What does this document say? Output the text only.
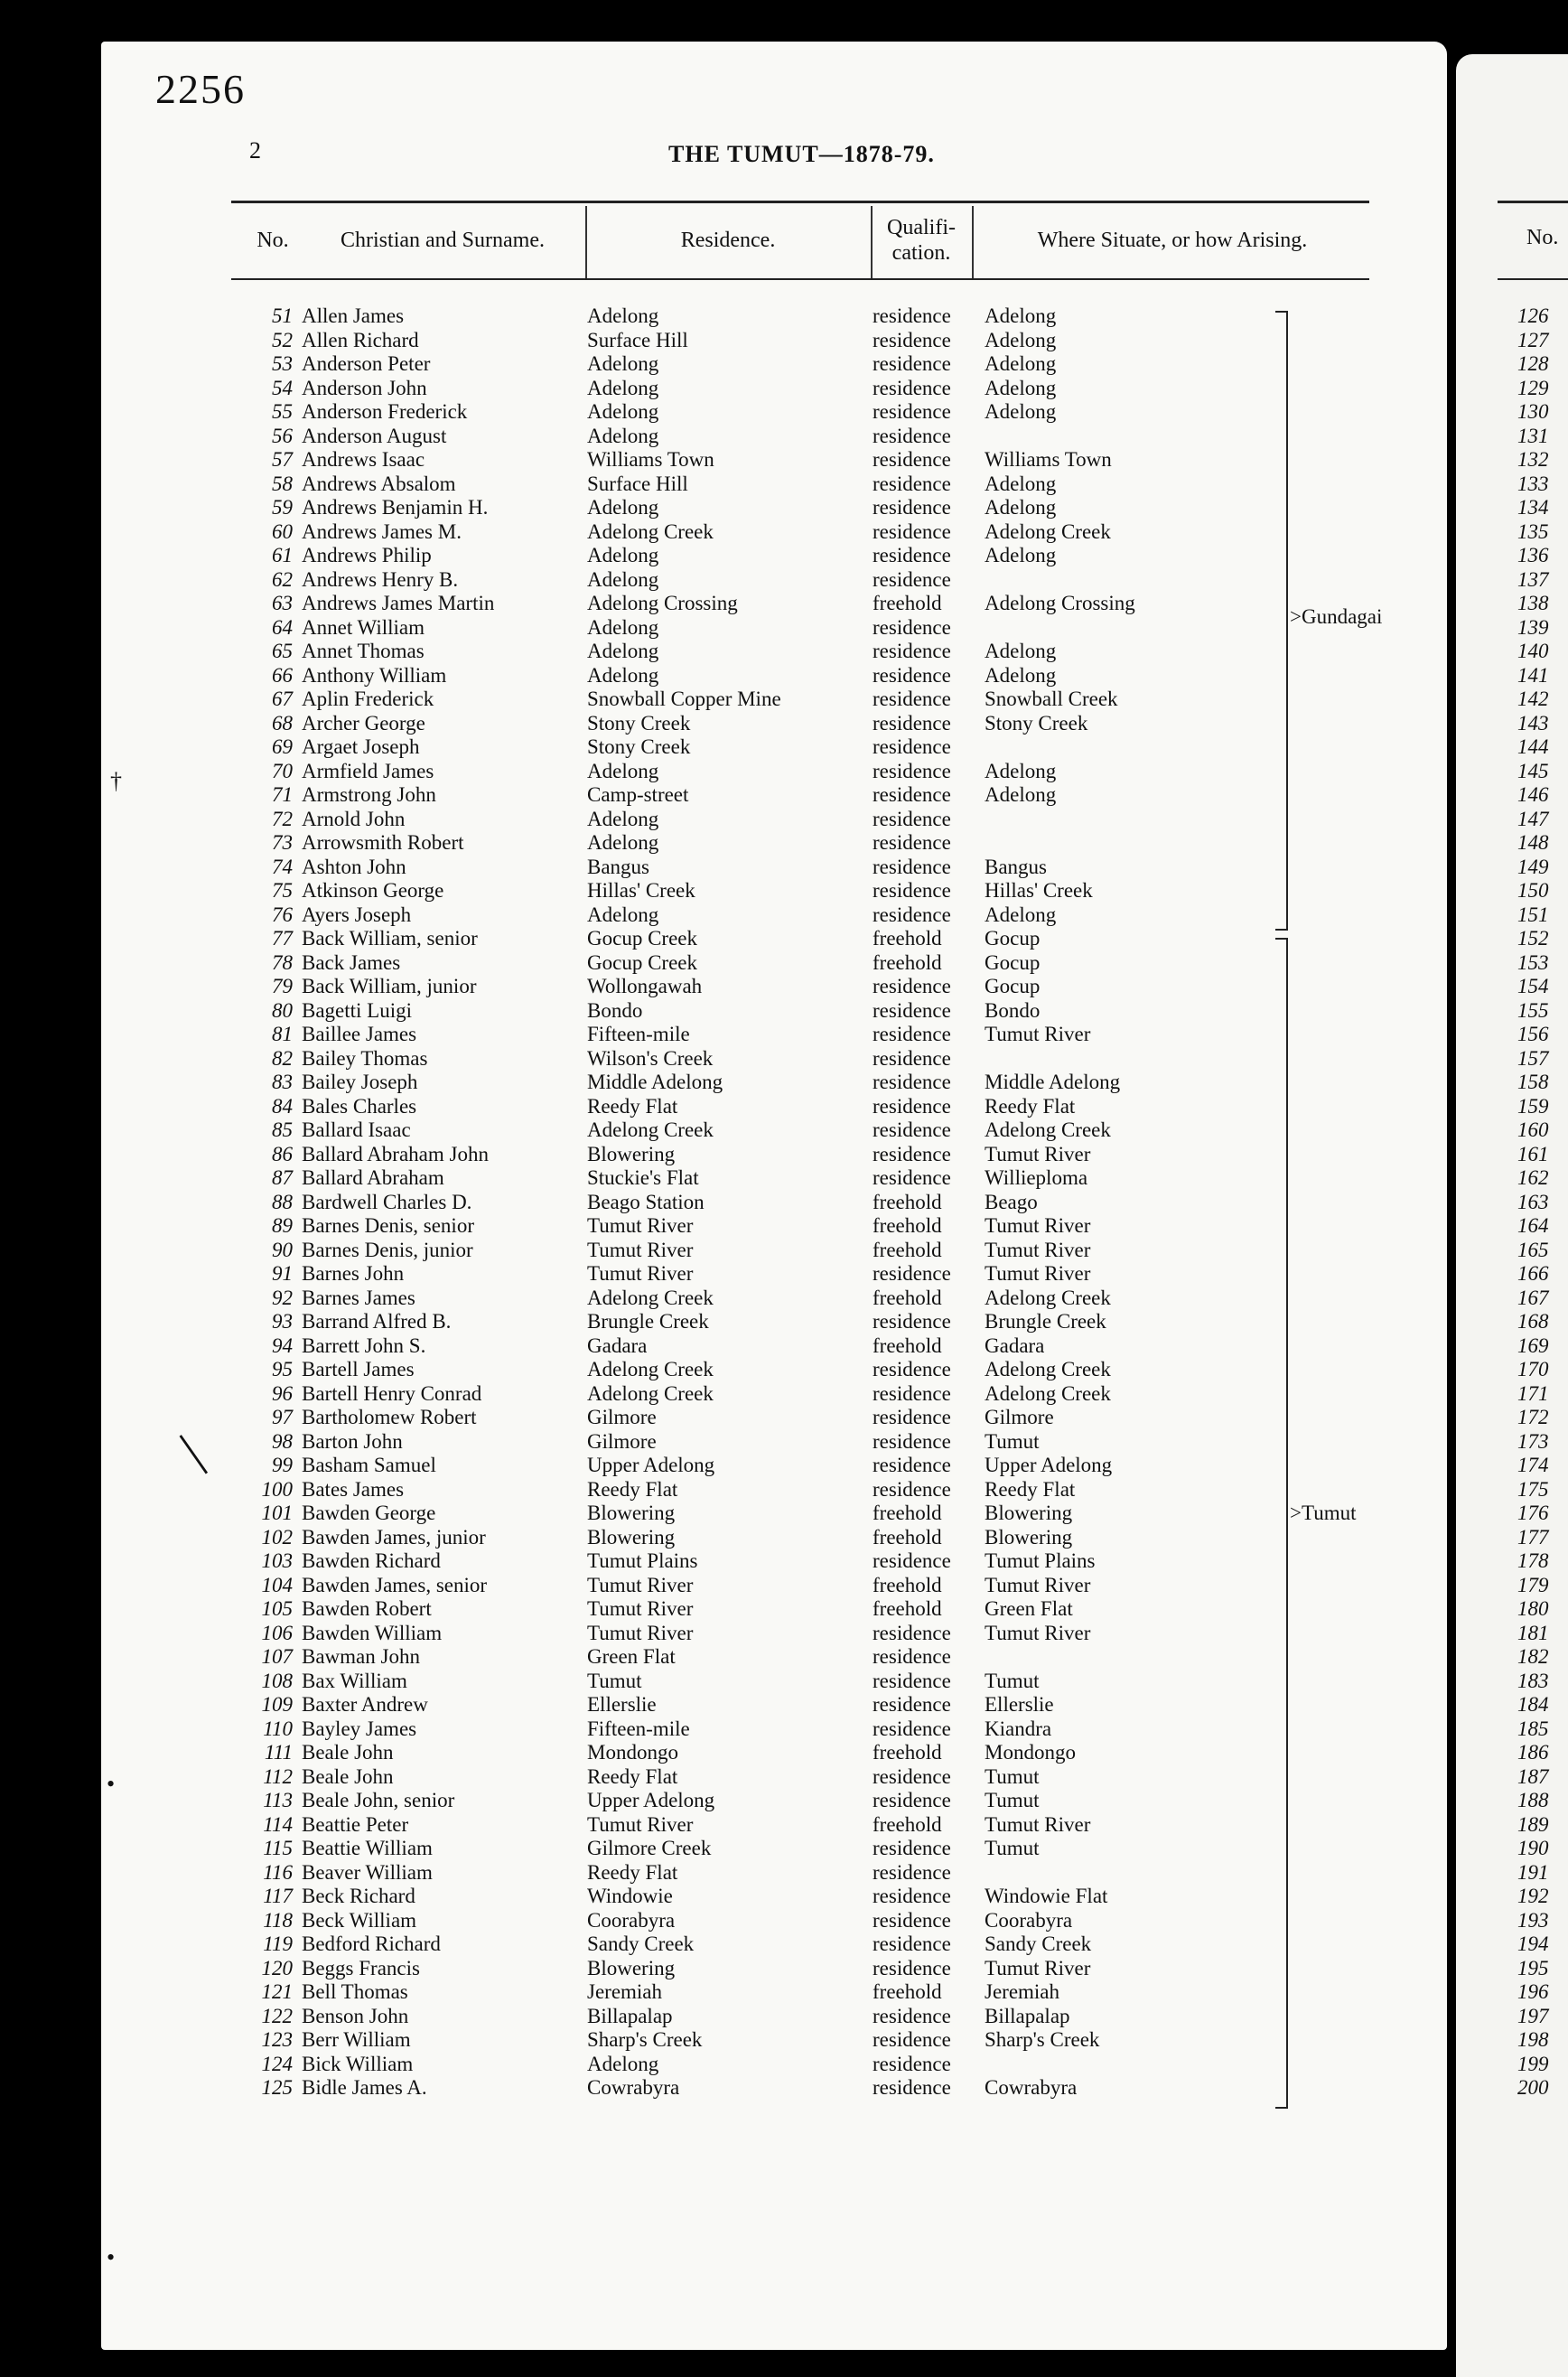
2256
2	THE TUMUT—1878-79.
No.	Christian and Surname.	Residence.
Qualifi-
cation.
Where Situate, or how Arising.
51 Allen James	Adelong	residence Adelong
52 Allen Richard	Surface Hill	residence Adelong
53 Anderson Peter	Adelong	residence Adelong
54 Anderson John	Adelong	residence Adelong
55 Anderson Frederick	Adelong	residence Adelong
56 Anderson August	Adelong	residence
57 Andrews Isaac	Williams Town	residence Williams Town
58 Andrews Absalom	Surface Hill	residence Adelong
59 Andrews Benjamin H.	Adelong	residence Adelong
60 Andrews James M.	Adelong Creek	residence Adelong Creek
61 Andrews Philip	Adelong	residence Adelong
62 Andrews Henry B.	Adelong	residence
63 Andrews James Martin	Adelong Crossing	freehold Adelong Crossing
64 Annet William	Adelong	residence
65 Annet Thomas	Adelong	residence Adelong
66 Anthony William	Adelong	residence Adelong
67 Aplin Frederick	Snowball Copper Mine	residence Snowball Creek
68 Archer George	Stony Creek	residence Stony Creek
69 Argaet Joseph	Stony Creek	residence
70 Armfield James	Adelong	residence Adelong
71 Armstrong John	Camp-street	residence Adelong
72 Arnold John	Adelong	residence
73 Arrowsmith Robert	Adelong	residence
74 Ashton John	Bangus	residence Bangus
75 Atkinson George	Hillas' Creek	residence Hillas' Creek
76 Ayers Joseph	Adelong	residence Adelong
77 Back William, senior	Gocup Creek	freehold Gocup
78 Back James	Gocup Creek	freehold Gocup
79 Back William, junior	Wollongawah	residence Gocup
80 Bagetti Luigi	Bondo	residence Bondo
81 Baillee James	Fifteen-mile	residence Tumut River
82 Bailey Thomas	Wilson's Creek	residence
83 Bailey Joseph	Middle Adelong	residence Middle Adelong
84 Bales Charles	Reedy Flat	residence Reedy Flat
85 Ballard Isaac	Adelong Creek	residence Adelong Creek
86 Ballard Abraham John	Blowering	residence Tumut River
87 Ballard Abraham	Stuckie's Flat	residence Willieploma
88 Bardwell Charles D.	Beago Station	freehold Beago
89 Barnes Denis, senior	Tumut River	freehold Tumut River
90 Barnes Denis, junior	Tumut River	freehold Tumut River
91 Barnes John	Tumut River	residence Tumut River
92 Barnes James	Adelong Creek	freehold Adelong Creek
93 Barrand Alfred B.	Brungle Creek	residence Brungle Creek
94 Barrett John S.	Gadara	freehold Gadara
95 Bartell James	Adelong Creek	residence Adelong Creek
96 Bartell Henry Conrad	Adelong Creek	residence Adelong Creek
97 Bartholomew Robert	Gilmore	residence Gilmore
98 Barton John	Gilmore	residence Tumut
99 Basham Samuel	Upper Adelong	residence Upper Adelong
100 Bates James	Reedy Flat	residence Reedy Flat
101 Bawden George	Blowering	freehold Blowering
102 Bawden James, junior	Blowering	freehold Blowering
103 Bawden Richard	Tumut Plains	residence Tumut Plains
104 Bawden James, senior	Tumut River	freehold Tumut River
105 Bawden Robert	Tumut River	freehold Green Flat
106 Bawden William	Tumut River	residence Tumut River
107 Bawman John	Green Flat	residence
108 Bax William	Tumut	residence Tumut
109 Baxter Andrew	Ellerslie	residence Ellerslie
110 Bayley James	Fifteen-mile	residence Kiandra
111 Beale John	Mondongo	freehold Mondongo
112 Beale John	Reedy Flat	residence Tumut
113 Beale John, senior	Upper Adelong	residence Tumut
114 Beattie Peter	Tumut River	freehold Tumut River
115 Beattie William	Gilmore Creek	residence Tumut
116 Beaver William	Reedy Flat	residence
117 Beck Richard	Windowie	residence Windowie Flat
118 Beck William	Coorabyra	residence Coorabyra
119 Bedford Richard	Sandy Creek	residence Sandy Creek
120 Beggs Francis	Blowering	residence Tumut River
121 Bell Thomas	Jeremiah	freehold Jeremiah
122 Benson John	Billapalap	residence Billapalap
123 Berr William	Sharp's Creek	residence Sharp's Creek
124 Bick William	Adelong	residence
125 Bidle James A.	Cowrabyra	residence Cowrabyra
>Gundagai
>Tumut
No.
126
127
128
129
130
131
132
133
134
135
136
137
138
139
140
141
142
143
144
145
146
147
148
149
150
151
152
153
154
155
156
157
158
159
160
161
162
163
164
165
166
167
168
169
170
171
172
173
174
175
176
177
178
179
180
181
182
183
184
185
186
187
188
189
190
191
192
193
194
195
196
197
198
199
200
†
|
•
•
